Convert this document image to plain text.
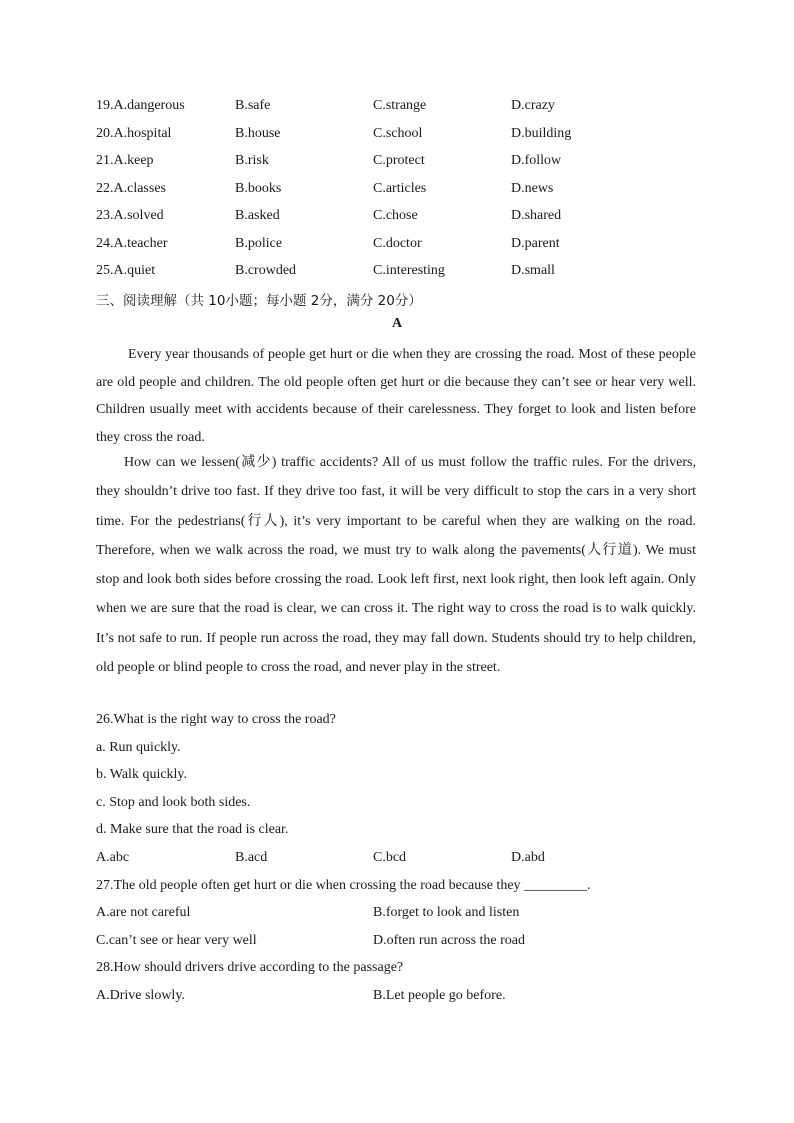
19.A.dangerous	B.safe	C.strange	D.crazy
20.A.hospital	B.house	C.school	D.building
21.A.keep	B.risk	C.protect	D.follow
22.A.classes	B.books	C.articles	D.news
23.A.solved	B.asked	C.chose	D.shared
24.A.teacher	B.police	C.doctor	D.parent
25.A.quiet	B.crowded	C.interesting	D.small
三、阅读理解（共 10小题；每小题 2分，满分 20分）
A

Every year thousands of people get hurt or die when they are crossing the road. Most of these people are old people and children. The old people often get hurt or die because they can’t see or hear very well. Children usually meet with accidents because of their carelessness. They forget to look and listen before they cross the road.

How can we lessen(减少) traffic accidents? All of us must follow the traffic rules. For the drivers, they shouldn’t drive too fast. If they drive too fast, it will be very difficult to stop the cars in a very short time. For the pedestrians(行人), it’s very important to be careful when they are walking on the road. Therefore, when we walk across the road, we must try to walk along the pavements(人行道). We must stop and look both sides before crossing the road. Look left first, next look right, then look left again. Only when we are sure that the road is clear, we can cross it. The right way to cross the road is to walk quickly. It’s not safe to run. If people run across the road, they may fall down. Students should try to help children, old people or blind people to cross the road, and never play in the street.

26.What is the right way to cross the road?
a. Run quickly.
b. Walk quickly.
c. Stop and look both sides.
d. Make sure that the road is clear.
A.abc	B.acd	C.bcd	D.abd
27.The old people often get hurt or die when crossing the road because they _________.
A.are not careful	B.forget to look and listen
C.can’t see or hear very well	D.often run across the road
28.How should drivers drive according to the passage?
A.Drive slowly.	B.Let people go before.
